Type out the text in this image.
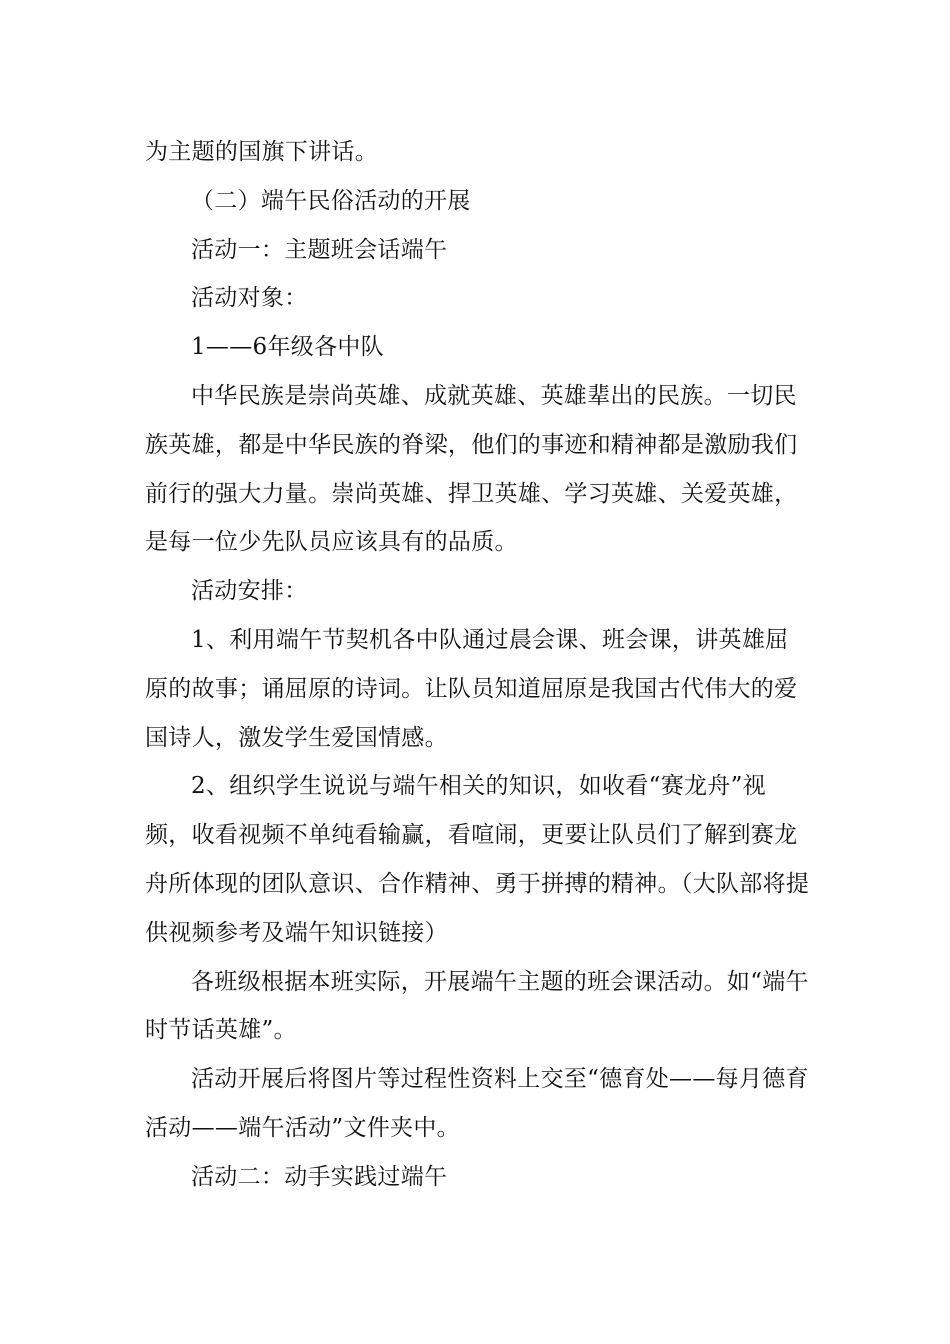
为主题的国旗下讲话。

（二）端午民俗活动的开展

活动一：主题班会话端午

活动对象：

1——6年级各中队

中华民族是崇尚英雄、成就英雄、英雄辈出的民族。一切民族英雄，都是中华民族的脊梁，他们的事迹和精神都是激励我们前行的强大力量。崇尚英雄、捍卫英雄、学习英雄、关爱英雄，是每一位少先队员应该具有的品质。

活动安排：

1、利用端午节契机各中队通过晨会课、班会课，讲英雄屈原的故事；诵屈原的诗词。让队员知道屈原是我国古代伟大的爱国诗人，激发学生爱国情感。

2、组织学生说说与端午相关的知识，如收看“赛龙舟”视频，收看视频不单纯看输赢，看喧闹，更要让队员们了解到赛龙舟所体现的团队意识、合作精神、勇于拼搏的精神。（大队部将提供视频参考及端午知识链接）

各班级根据本班实际，开展端午主题的班会课活动。如“端午时节话英雄”。

活动开展后将图片等过程性资料上交至“德育处——每月德育活动——端午活动”文件夹中。

活动二：动手实践过端午
